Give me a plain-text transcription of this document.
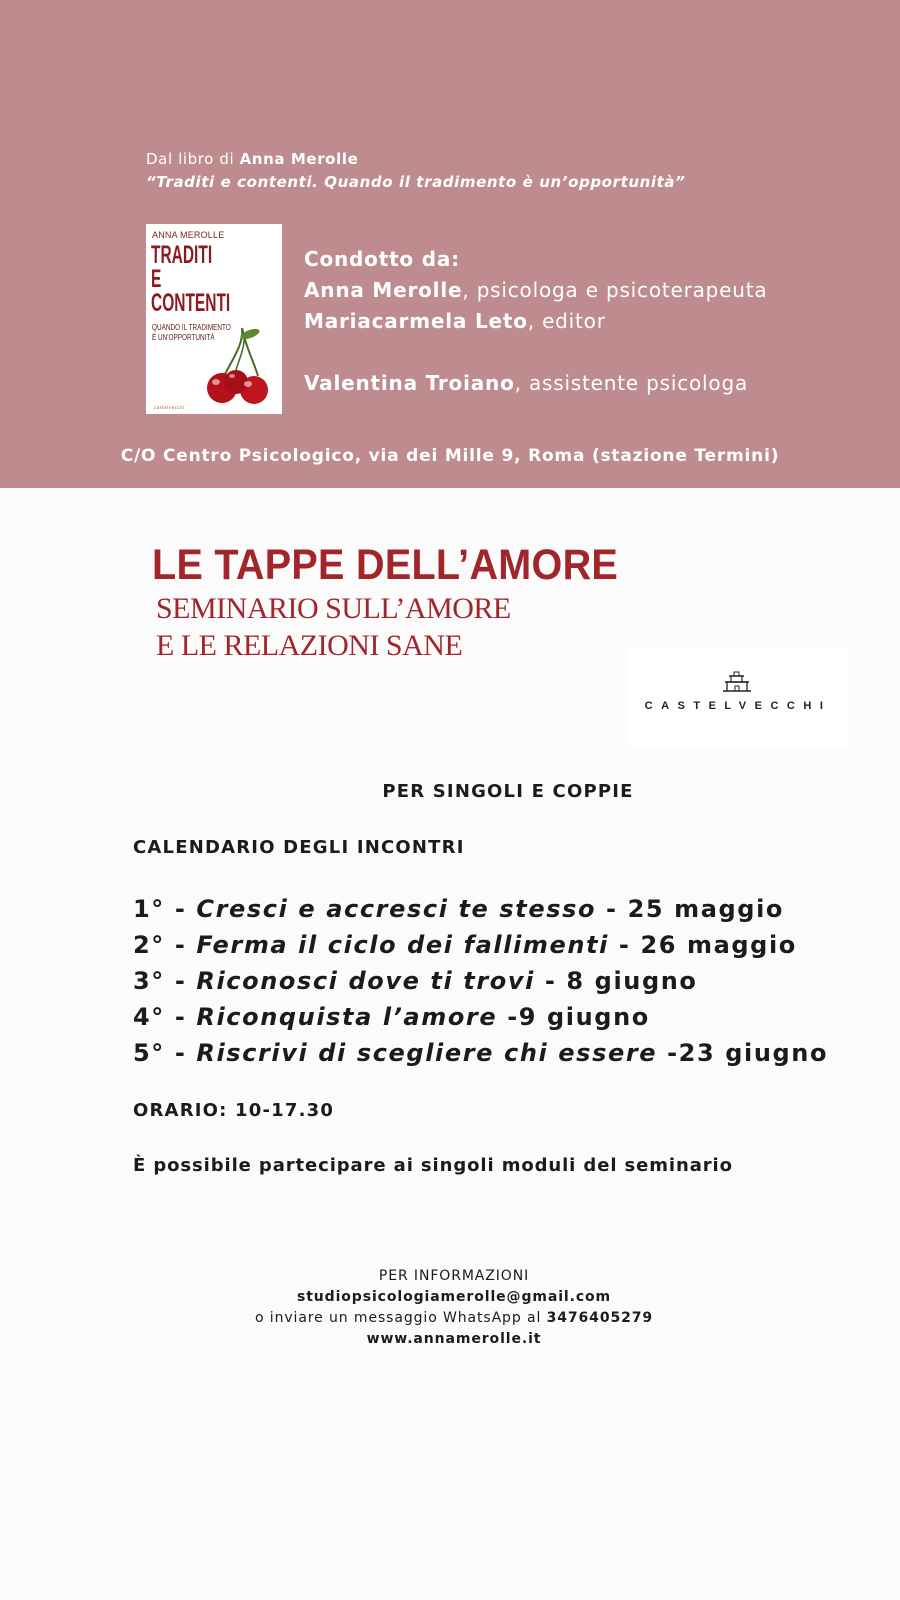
Dal libro di Anna Merolle
“Traditi e contenti. Quando il tradimento è un’opportunità”
ANNA MEROLLE
TRADITI
E CONTENTI
QUANDO IL TRADIMENTO
È UN'OPPORTUNITÀ
castelvecchi
Condotto da:
Anna Merolle, psicologa e psicoterapeuta
Mariacarmela Leto, editor
Valentina Troiano, assistente psicologa
C/O Centro Psicologico, via dei Mille 9, Roma (stazione Termini)
LE TAPPE DELL’AMORE
SEMINARIO SULL’AMORE
E LE RELAZIONI SANE
CASTELVECCHI
PER SINGOLI E COPPIE
CALENDARIO DEGLI INCONTRI
1° - Cresci e accresci te stesso - 25 maggio
2° - Ferma il ciclo dei fallimenti - 26 maggio
3° - Riconosci dove ti trovi - 8 giugno
4° - Riconquista l’amore -9 giugno
5° - Riscrivi di scegliere chi essere -23 giugno
ORARIO: 10-17.30
È possibile partecipare ai singoli moduli del seminario
PER INFORMAZIONI
studiopsicologiamerolle@gmail.com
o inviare un messaggio WhatsApp al 3476405279
www.annamerolle.it
